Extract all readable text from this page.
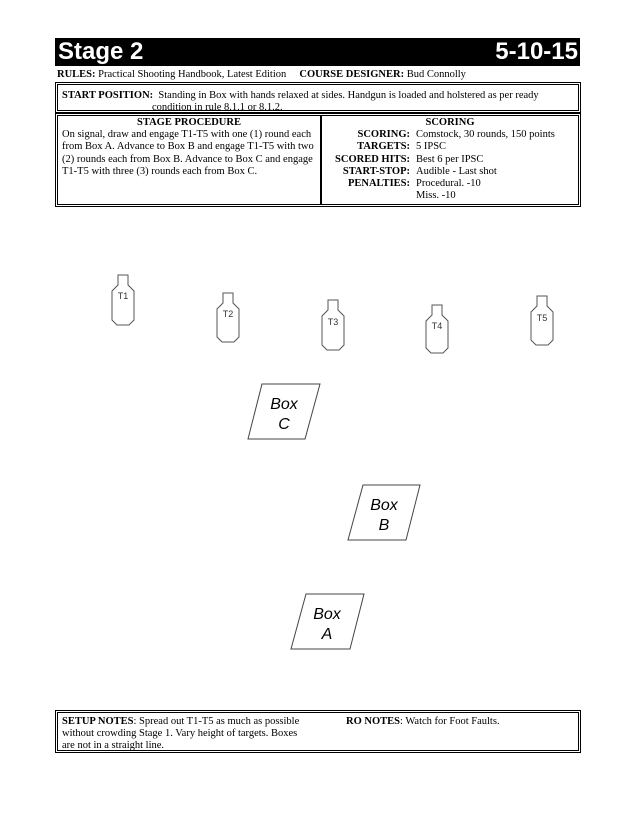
Stage 2	5-10-15
RULES: Practical Shooting Handbook, Latest Edition COURSE DESIGNER: Bud Connolly
START POSITION: Standing in Box with hands relaxed at sides. Handgun is loaded and holstered as per ready
condition in rule 8.1.1 or 8.1.2.
STAGE PROCEDURE
On signal, draw and engage T1-T5 with one (1) round each
from Box A. Advance to Box B and engage T1-T5 with two
(2) rounds each from Box B. Advance to Box C and engage
T1-T5 with three (3) rounds each from Box C.
SCORING
SCORING: Comstock, 30 rounds, 150 points
TARGETS: 5 IPSC
SCORED HITS: Best 6 per IPSC
START-STOP: Audible - Last shot
PENALTIES: Procedural. -10
Miss. -10
T1
T2
T3	T4
T5
Box
C
Box
B
Box
A
SETUP NOTES: Spread out T1-T5 as much as possible
without crowding Stage 1. Vary height of targets. Boxes
are not in a straight line.
RO NOTES: Watch for Foot Faults.
